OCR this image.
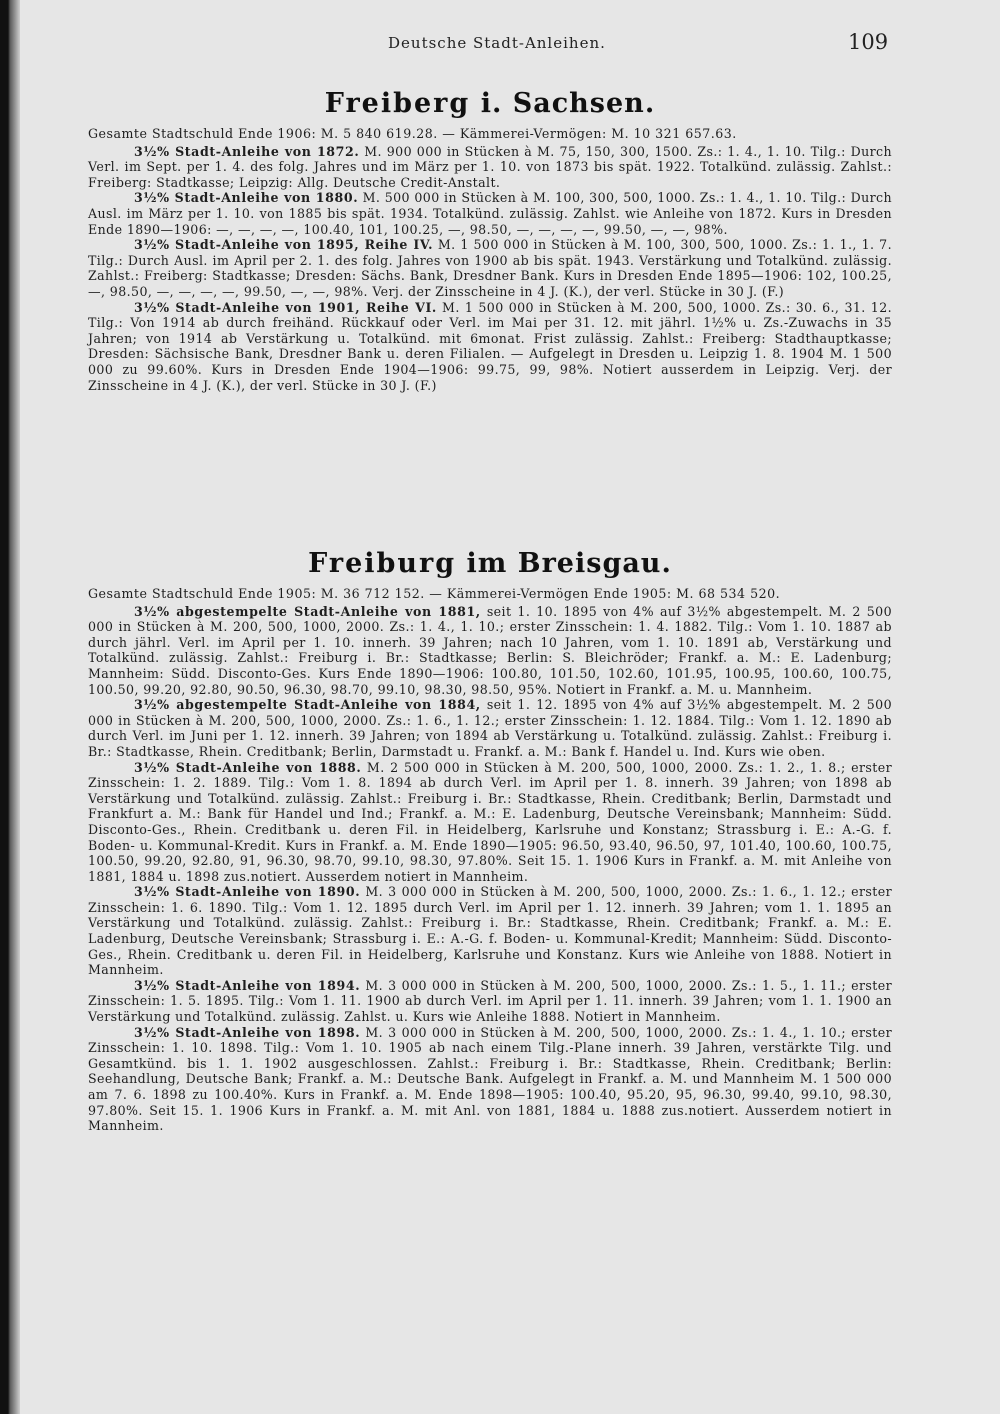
Deutsche Stadt-Anleihen.	109
Freiberg i. Sachsen.

Gesamte Stadtschuld Ende 1906: M. 5 840 619.28. — Kämmerei-Vermögen: M. 10 321 657.63.

3½% Stadt-Anleihe von 1872. M. 900 000 in Stücken à M. 75, 150, 300, 1500. Zs.: 1. 4., 1. 10. Tilg.: Durch Verl. im Sept. per 1. 4. des folg. Jahres und im März per 1. 10. von 1873 bis spät. 1922. Totalkünd. zulässig. Zahlst.: Freiberg: Stadtkasse; Leipzig: Allg. Deutsche Credit-Anstalt.

3½% Stadt-Anleihe von 1880. M. 500 000 in Stücken à M. 100, 300, 500, 1000. Zs.: 1. 4., 1. 10. Tilg.: Durch Ausl. im März per 1. 10. von 1885 bis spät. 1934. Totalkünd. zulässig. Zahlst. wie Anleihe von 1872. Kurs in Dresden Ende 1890—1906: —, —, —, —, 100.40, 101, 100.25, —, 98.50, —, —, —, —, 99.50, —, —, 98%.

3½% Stadt-Anleihe von 1895, Reihe IV. M. 1 500 000 in Stücken à M. 100, 300, 500, 1000. Zs.: 1. 1., 1. 7. Tilg.: Durch Ausl. im April per 2. 1. des folg. Jahres von 1900 ab bis spät. 1943. Verstärkung und Totalkünd. zulässig. Zahlst.: Freiberg: Stadtkasse; Dresden: Sächs. Bank, Dresdner Bank. Kurs in Dresden Ende 1895—1906: 102, 100.25, —, 98.50, —, —, —, —, 99.50, —, —, 98%. Verj. der Zinsscheine in 4 J. (K.), der verl. Stücke in 30 J. (F.)

3½% Stadt-Anleihe von 1901, Reihe VI. M. 1 500 000 in Stücken à M. 200, 500, 1000. Zs.: 30. 6., 31. 12. Tilg.: Von 1914 ab durch freihänd. Rückkauf oder Verl. im Mai per 31. 12. mit jährl. 1½% u. Zs.-Zuwachs in 35 Jahren; von 1914 ab Verstärkung u. Totalkünd. mit 6monat. Frist zulässig. Zahlst.: Freiberg: Stadthauptkasse; Dresden: Sächsische Bank, Dresdner Bank u. deren Filialen. — Aufgelegt in Dresden u. Leipzig 1. 8. 1904 M. 1 500 000 zu 99.60%. Kurs in Dresden Ende 1904—1906: 99.75, 99, 98%. Notiert ausserdem in Leipzig. Verj. der Zinsscheine in 4 J. (K.), der verl. Stücke in 30 J. (F.)

Freiburg im Breisgau.

Gesamte Stadtschuld Ende 1905: M. 36 712 152. — Kämmerei-Vermögen Ende 1905: M. 68 534 520.

3½% abgestempelte Stadt-Anleihe von 1881, seit 1. 10. 1895 von 4% auf 3½% abgestempelt. M. 2 500 000 in Stücken à M. 200, 500, 1000, 2000. Zs.: 1. 4., 1. 10.; erster Zinsschein: 1. 4. 1882. Tilg.: Vom 1. 10. 1887 ab durch jährl. Verl. im April per 1. 10. innerh. 39 Jahren; nach 10 Jahren, vom 1. 10. 1891 ab, Verstärkung und Totalkünd. zulässig. Zahlst.: Freiburg i. Br.: Stadtkasse; Berlin: S. Bleichröder; Frankf. a. M.: E. Ladenburg; Mannheim: Südd. Disconto-Ges. Kurs Ende 1890—1906: 100.80, 101.50, 102.60, 101.95, 100.95, 100.60, 100.75, 100.50, 99.20, 92.80, 90.50, 96.30, 98.70, 99.10, 98.30, 98.50, 95%. Notiert in Frankf. a. M. u. Mannheim.

3½% abgestempelte Stadt-Anleihe von 1884, seit 1. 12. 1895 von 4% auf 3½% abgestempelt. M. 2 500 000 in Stücken à M. 200, 500, 1000, 2000. Zs.: 1. 6., 1. 12.; erster Zinsschein: 1. 12. 1884. Tilg.: Vom 1. 12. 1890 ab durch Verl. im Juni per 1. 12. innerh. 39 Jahren; von 1894 ab Verstärkung u. Totalkünd. zulässig. Zahlst.: Freiburg i. Br.: Stadtkasse, Rhein. Creditbank; Berlin, Darmstadt u. Frankf. a. M.: Bank f. Handel u. Ind. Kurs wie oben.

3½% Stadt-Anleihe von 1888. M. 2 500 000 in Stücken à M. 200, 500, 1000, 2000. Zs.: 1. 2., 1. 8.; erster Zinsschein: 1. 2. 1889. Tilg.: Vom 1. 8. 1894 ab durch Verl. im April per 1. 8. innerh. 39 Jahren; von 1898 ab Verstärkung und Totalkünd. zulässig. Zahlst.: Freiburg i. Br.: Stadtkasse, Rhein. Creditbank; Berlin, Darmstadt und Frankfurt a. M.: Bank für Handel und Ind.; Frankf. a. M.: E. Ladenburg, Deutsche Vereinsbank; Mannheim: Südd. Disconto-Ges., Rhein. Creditbank u. deren Fil. in Heidelberg, Karlsruhe und Konstanz; Strassburg i. E.: A.-G. f. Boden- u. Kommunal-Kredit. Kurs in Frankf. a. M. Ende 1890—1905: 96.50, 93.40, 96.50, 97, 101.40, 100.60, 100.75, 100.50, 99.20, 92.80, 91, 96.30, 98.70, 99.10, 98.30, 97.80%. Seit 15. 1. 1906 Kurs in Frankf. a. M. mit Anleihe von 1881, 1884 u. 1898 zus.notiert. Ausserdem notiert in Mannheim.

3½% Stadt-Anleihe von 1890. M. 3 000 000 in Stücken à M. 200, 500, 1000, 2000. Zs.: 1. 6., 1. 12.; erster Zinsschein: 1. 6. 1890. Tilg.: Vom 1. 12. 1895 durch Verl. im April per 1. 12. innerh. 39 Jahren; vom 1. 1. 1895 an Verstärkung und Totalkünd. zulässig. Zahlst.: Freiburg i. Br.: Stadtkasse, Rhein. Creditbank; Frankf. a. M.: E. Ladenburg, Deutsche Vereinsbank; Strassburg i. E.: A.-G. f. Boden- u. Kommunal-Kredit; Mannheim: Südd. Disconto-Ges., Rhein. Creditbank u. deren Fil. in Heidelberg, Karlsruhe und Konstanz. Kurs wie Anleihe von 1888. Notiert in Mannheim.

3½% Stadt-Anleihe von 1894. M. 3 000 000 in Stücken à M. 200, 500, 1000, 2000. Zs.: 1. 5., 1. 11.; erster Zinsschein: 1. 5. 1895. Tilg.: Vom 1. 11. 1900 ab durch Verl. im April per 1. 11. innerh. 39 Jahren; vom 1. 1. 1900 an Verstärkung und Totalkünd. zulässig. Zahlst. u. Kurs wie Anleihe 1888. Notiert in Mannheim.

3½% Stadt-Anleihe von 1898. M. 3 000 000 in Stücken à M. 200, 500, 1000, 2000. Zs.: 1. 4., 1. 10.; erster Zinsschein: 1. 10. 1898. Tilg.: Vom 1. 10. 1905 ab nach einem Tilg.-Plane innerh. 39 Jahren, verstärkte Tilg. und Gesamtkünd. bis 1. 1. 1902 ausgeschlossen. Zahlst.: Freiburg i. Br.: Stadtkasse, Rhein. Creditbank; Berlin: Seehandlung, Deutsche Bank; Frankf. a. M.: Deutsche Bank. Aufgelegt in Frankf. a. M. und Mannheim M. 1 500 000 am 7. 6. 1898 zu 100.40%. Kurs in Frankf. a. M. Ende 1898—1905: 100.40, 95.20, 95, 96.30, 99.40, 99.10, 98.30, 97.80%. Seit 15. 1. 1906 Kurs in Frankf. a. M. mit Anl. von 1881, 1884 u. 1888 zus.notiert. Ausserdem notiert in Mannheim.
